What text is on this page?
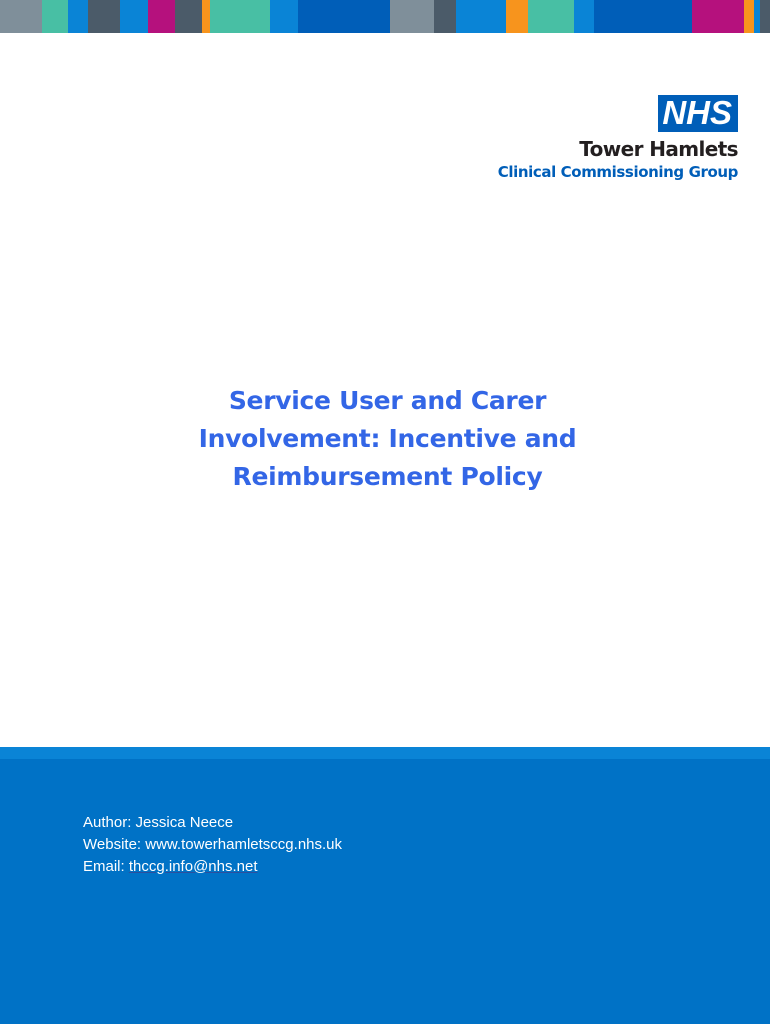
NHS
Tower Hamlets
Clinical Commissioning Group
Service User and Carer
Involvement: Incentive and
Reimbursement Policy
Author: Jessica Neece
Website: www.towerhamletsccg.nhs.uk
Email: thccg.info@nhs.net
